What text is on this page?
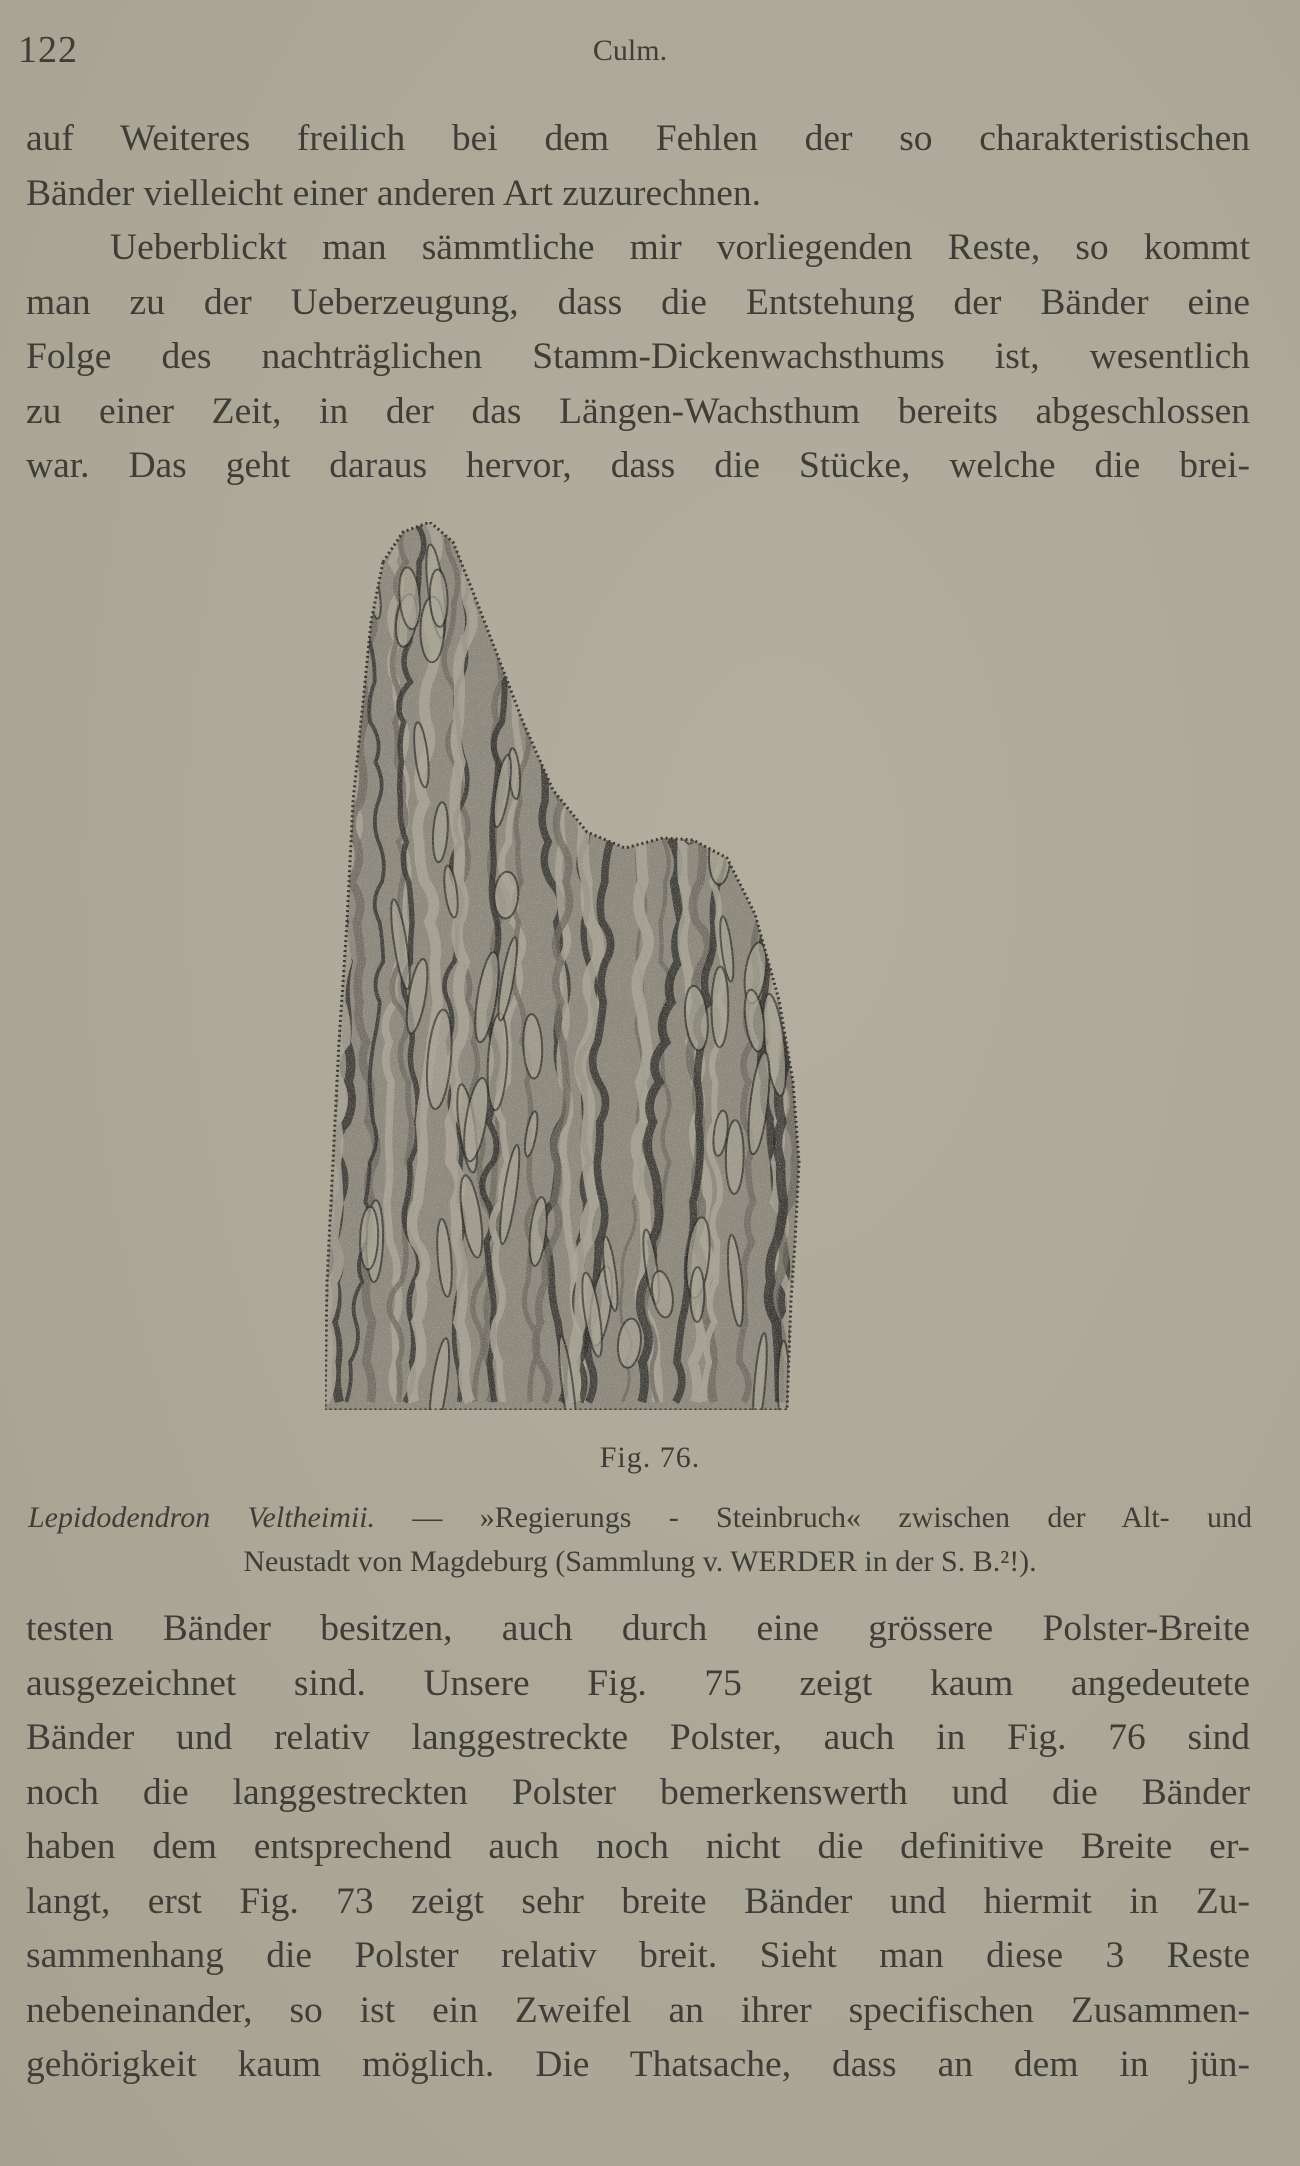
122	Culm.
auf Weiteres freilich bei dem Fehlen der so charakteristischen
Bänder vielleicht einer anderen Art zuzurechnen.
Ueberblickt man sämmtliche mir vorliegenden Reste, so kommt
man zu der Ueberzeugung, dass die Entstehung der Bänder eine
Folge des nachträglichen Stamm-Dickenwachsthums ist, wesentlich
zu einer Zeit, in der das Längen-Wachsthum bereits abgeschlossen
war. Das geht daraus hervor, dass die Stücke, welche die brei-
Fig. 76.
Lepidodendron Veltheimii. — »Regierungs - Steinbruch« zwischen der Alt- und
Neustadt von Magdeburg (Sammlung v. WERDER in der S. B.²!).
testen Bänder besitzen, auch durch eine grössere Polster-Breite
ausgezeichnet sind. Unsere Fig. 75 zeigt kaum angedeutete
Bänder und relativ langgestreckte Polster, auch in Fig. 76 sind
noch die langgestreckten Polster bemerkenswerth und die Bänder
haben dem entsprechend auch noch nicht die definitive Breite er-
langt, erst Fig. 73 zeigt sehr breite Bänder und hiermit in Zu-
sammenhang die Polster relativ breit. Sieht man diese 3 Reste
nebeneinander, so ist ein Zweifel an ihrer specifischen Zusammen-
gehörigkeit kaum möglich. Die Thatsache, dass an dem in jün-
